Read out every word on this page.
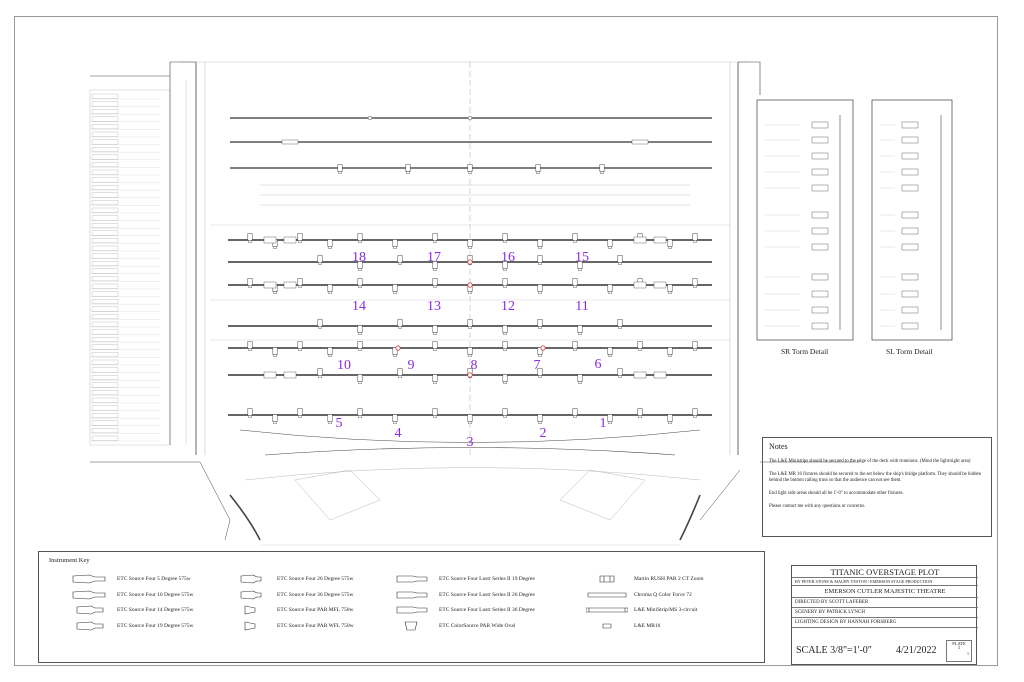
18	17	16	15
14	13	12	11
10	9	8	7	6
5
4
3
2
1
SR Torm Detail	SL Torm Detail
Notes

The L&E Ministrips should be secured to the edge of the deck with trunnions. (Mind the light/sight area)

The L&E MR 16 fixtures should be secured to the set below the ship's bridge platform. They should be hidden behind the bottom railing truss so that the audience can not see them.

End light side areas should all be 1'-0" to accommodate other fixtures.

Please contact me with any questions or concerns.

Instrument Key
ETC Source Four 5 Degree 575w
ETC Source Four 10 Degree 575w
ETC Source Four 14 Degree 575w
ETC Source Four 19 Degree 575w
ETC Source Four 26 Degree 575w
ETC Source Four 36 Degree 575w
ETC Source Four PAR MFL 750w
ETC Source Four PAR WFL 750w
ETC Source Four Lustr Series II 19 Degree
ETC Source Four Lustr Series II 26 Degree
ETC Source Four Lustr Series II 36 Degree
ETC ColorSource PAR Wide Oval
Martin RUSH PAR 2 CT Zoom
Chroma Q Color Force 72
L&E MiniStrip/MS 3-circuit
L&E MR16
TITANIC OVERSTAGE PLOT
BY PETER STONE & MAURY YESTON / EMERSON STAGE PRODUCTION
EMERSON CUTLER MAJESTIC THEATRE
DIRECTED BY SCOTT LAFEBER
SCENERY BY PATRICK LYNCH
LIGHTING DESIGN BY HANNAH FORSBERG
SCALE 3/8"=1'-0" 4/21/2022
PLATE
1
1
